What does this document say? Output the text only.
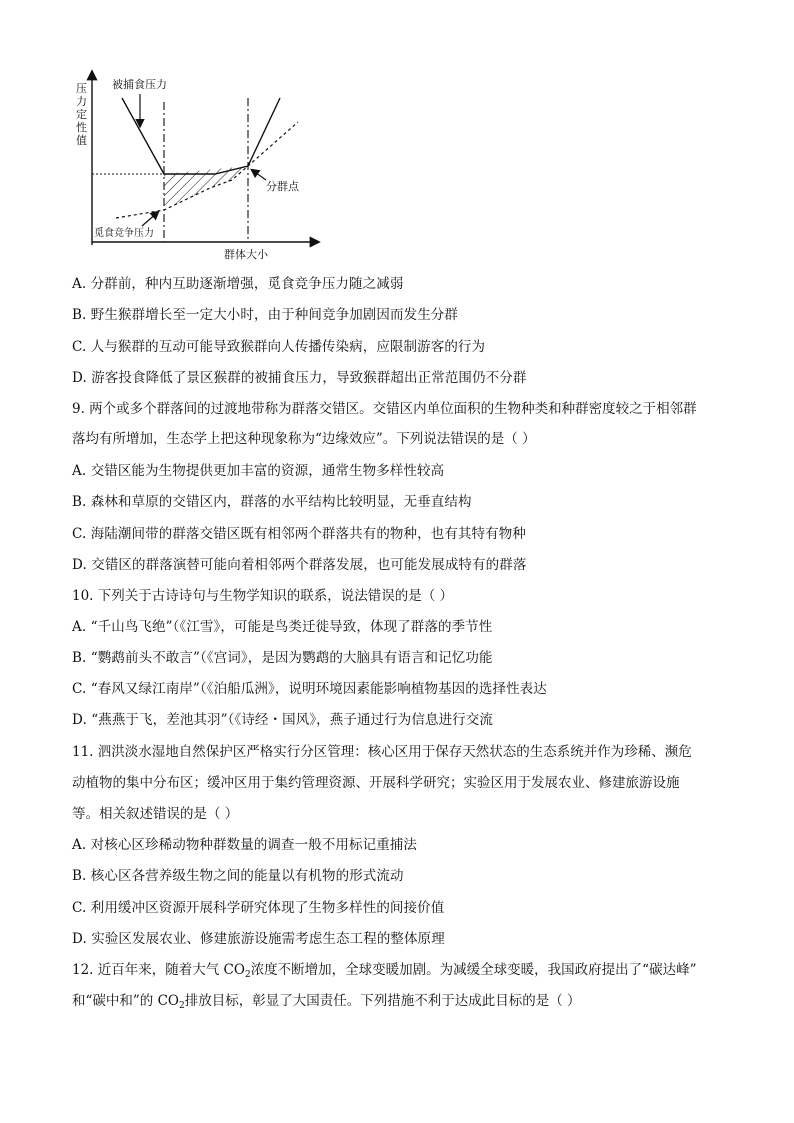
压力定性值
被捕食压力
分群点
觅食竞争压力
群体大小
A. 分群前，种内互助逐渐增强，觅食竞争压力随之减弱
B. 野生猴群增长至一定大小时，由于种间竞争加剧因而发生分群
C. 人与猴群的互动可能导致猴群向人传播传染病，应限制游客的行为
D. 游客投食降低了景区猴群的被捕食压力，导致猴群超出正常范围仍不分群
9. 两个或多个群落间的过渡地带称为群落交错区。交错区内单位面积的生物种类和种群密度较之于相邻群
落均有所增加，生态学上把这种现象称为“边缘效应”。下列说法错误的是（ ）
A. 交错区能为生物提供更加丰富的资源，通常生物多样性较高
B. 森林和草原的交错区内，群落的水平结构比较明显，无垂直结构
C. 海陆潮间带的群落交错区既有相邻两个群落共有的物种，也有其特有物种
D. 交错区的群落演替可能向着相邻两个群落发展，也可能发展成特有的群落
10. 下列关于古诗诗句与生物学知识的联系，说法错误的是（ ）
A. “千山鸟飞绝”（《江雪》，可能是鸟类迁徙导致，体现了群落的季节性
B. “鹦鹉前头不敢言”（《宫词》，是因为鹦鹉的大脑具有语言和记忆功能
C. “春风又绿江南岸”（《泊船瓜洲》，说明环境因素能影响植物基因的选择性表达
D. “燕燕于飞，差池其羽”（《诗经・国风》，燕子通过行为信息进行交流
11. 泗洪淡水湿地自然保护区严格实行分区管理：核心区用于保存天然状态的生态系统并作为珍稀、濒危
动植物的集中分布区；缓冲区用于集约管理资源、开展科学研究；实验区用于发展农业、修建旅游设施
等。相关叙述错误的是（ ）
A. 对核心区珍稀动物种群数量的调查一般不用标记重捕法
B. 核心区各营养级生物之间的能量以有机物的形式流动
C. 利用缓冲区资源开展科学研究体现了生物多样性的间接价值
D. 实验区发展农业、修建旅游设施需考虑生态工程的整体原理
12. 近百年来，随着大气 $CO_2$浓度不断增加，全球变暖加剧。为减缓全球变暖，我国政府提出了“碳达峰”
和“碳中和”的 $CO_2$排放目标，彰显了大国责任。下列措施不利于达成此目标的是（ ）
